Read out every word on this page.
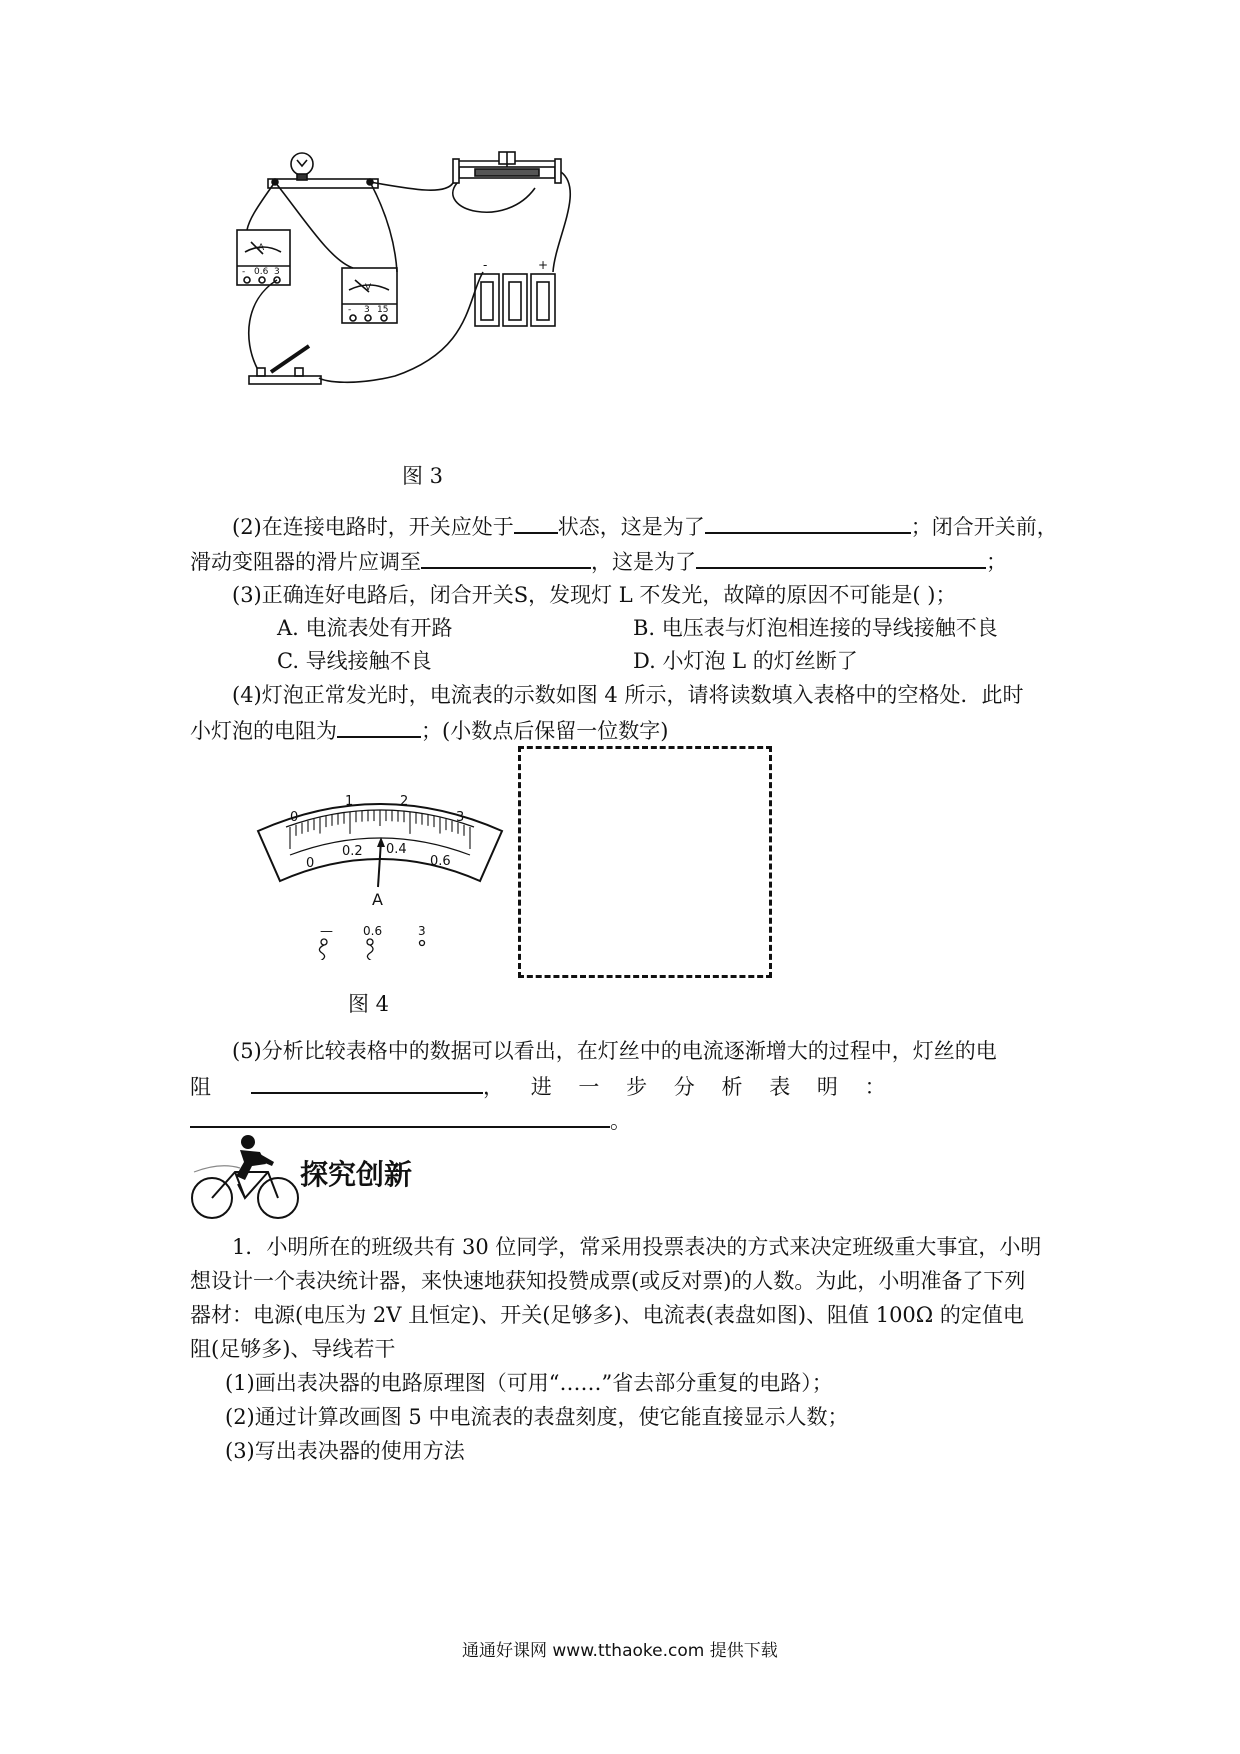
A
- 0.6 3
V
- 3 15
-	+
图 3
(2)在连接电路时，开关应处于 状态，这是为了	；闭合开关前，
滑动变阻器的滑片应调至	，这是为了	；
(3)正确连好电路后，闭合开关S，发现灯 L 不发光，故障的原因不可能是( )；
A. 电流表处有开路	B. 电压表与灯泡相连接的导线接触不良
C. 导线接触不良	D. 小灯泡 L 的灯丝断了
(4)灯泡正常发光时，电流表的示数如图 4 所示，请将读数填入表格中的空格处．此时
小灯泡的电阻为	；(小数点后保留一位数字)
0
1	2
3
0
0.2 0.4
0.6
A
—	0.6	3
图 4
(5)分析比较表格中的数据可以看出，在灯丝中的电流逐渐增大的过程中，灯丝的电
阻	，    进    一    步    分    析    表    明    ：
。
探究创新
1．小明所在的班级共有 30 位同学，常采用投票表决的方式来决定班级重大事宜，小明
想设计一个表决统计器，来快速地获知投赞成票(或反对票)的人数。为此，小明准备了下列
器材：电源(电压为 2V 且恒定)、开关(足够多)、电流表(表盘如图)、阻值 100Ω 的定值电
阻(足够多)、导线若干
(1)画出表决器的电路原理图（可用“……”省去部分重复的电路）；
(2)通过计算改画图 5 中电流表的表盘刻度，使它能直接显示人数；
(3)写出表决器的使用方法
通通好课网 www.tthaoke.com 提供下载
